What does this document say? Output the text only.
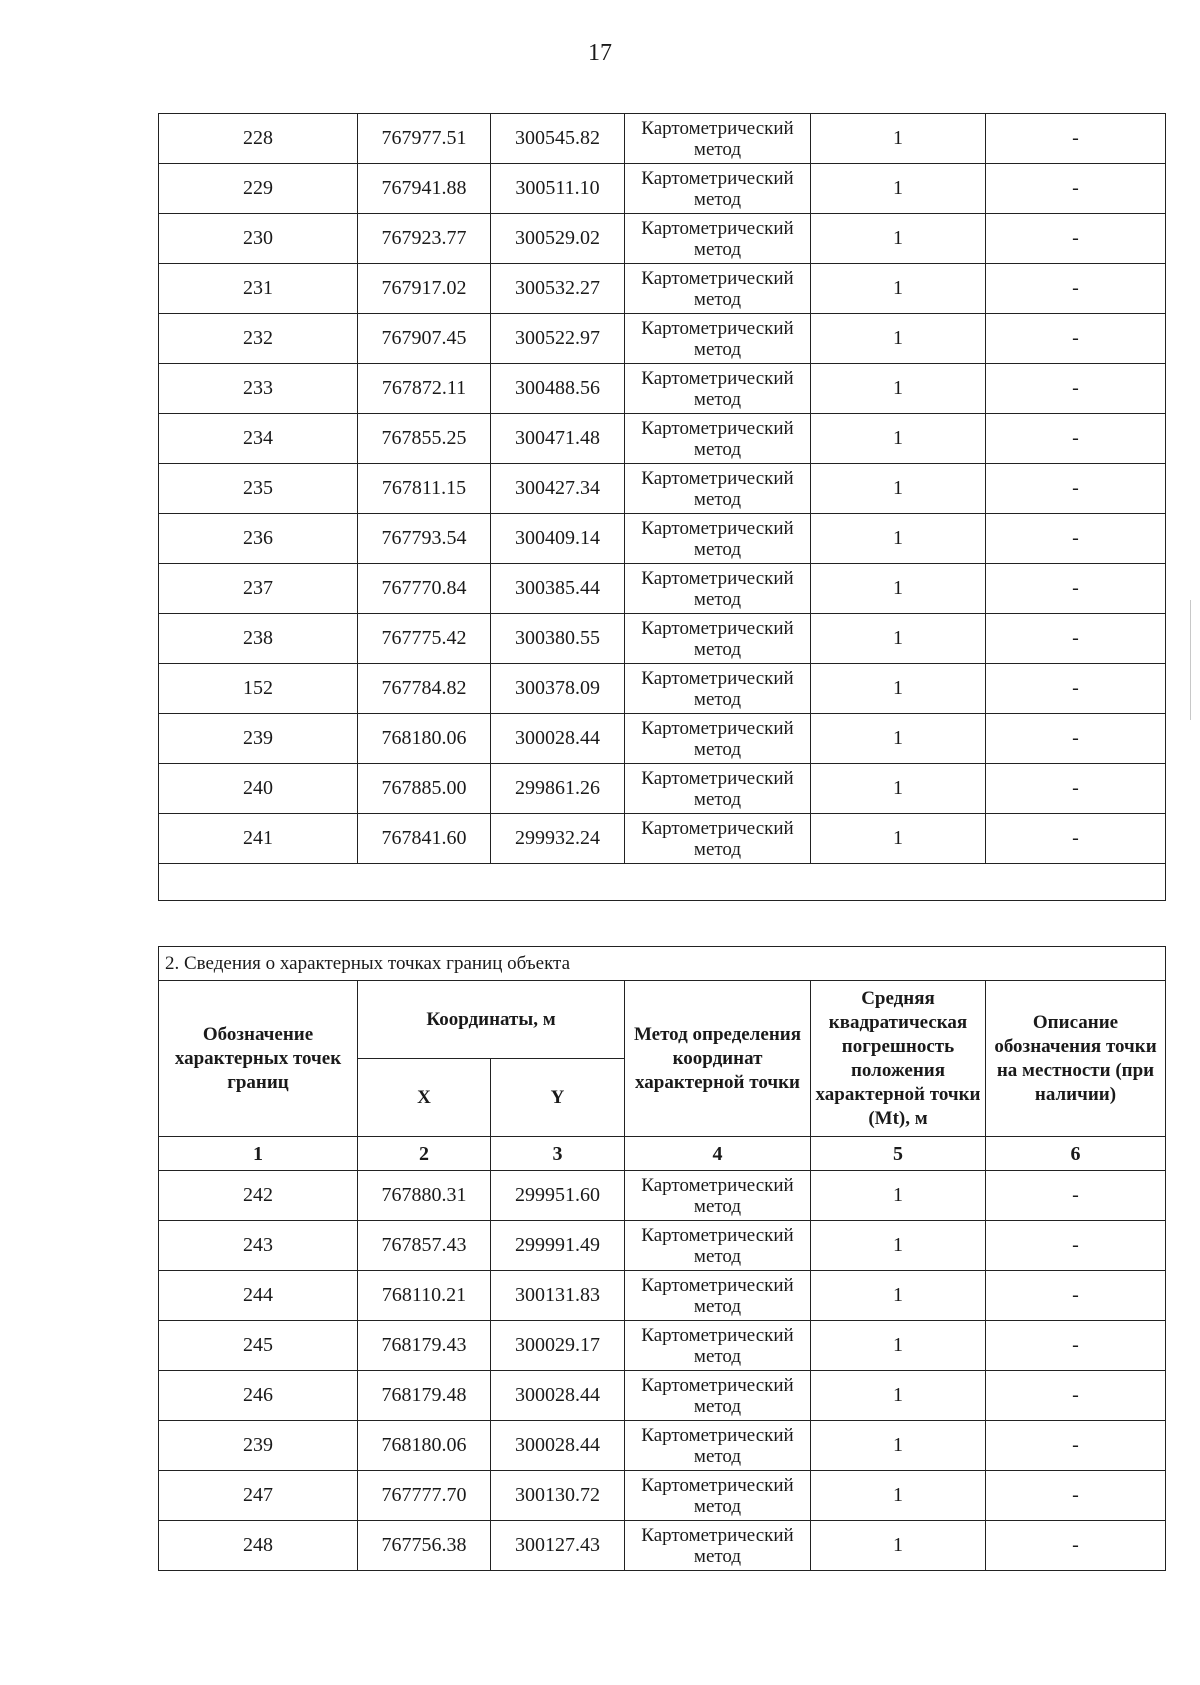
17
228	767977.51	300545.82	Картометрический метод	1	-
229	767941.88	300511.10	Картометрический метод	1	-
230	767923.77	300529.02	Картометрический метод	1	-
231	767917.02	300532.27	Картометрический метод	1	-
232	767907.45	300522.97	Картометрический метод	1	-
233	767872.11	300488.56	Картометрический метод	1	-
234	767855.25	300471.48	Картометрический метод	1	-
235	767811.15	300427.34	Картометрический метод	1	-
236	767793.54	300409.14	Картометрический метод	1	-
237	767770.84	300385.44	Картометрический метод	1	-
238	767775.42	300380.55	Картометрический метод	1	-
152	767784.82	300378.09	Картометрический метод	1	-
239	768180.06	300028.44	Картометрический метод	1	-
240	767885.00	299861.26	Картометрический метод	1	-
241	767841.60	299932.24	Картометрический метод	1	-

2. Сведения о характерных точках границ объекта					
Обозначение характерных точек границ	Координаты, м		Метод определения координат характерной точки	Средняя квадратическая погрешность положения характерной точки (Mt), м	Описание обозначения точки на местности (при наличии)
	X	Y			
1	2	3	4	5	6
242	767880.31	299951.60	Картометрический метод	1	-
243	767857.43	299991.49	Картометрический метод	1	-
244	768110.21	300131.83	Картометрический метод	1	-
245	768179.43	300029.17	Картометрический метод	1	-
246	768179.48	300028.44	Картометрический метод	1	-
239	768180.06	300028.44	Картометрический метод	1	-
247	767777.70	300130.72	Картометрический метод	1	-
248	767756.38	300127.43	Картометрический метод	1	-
